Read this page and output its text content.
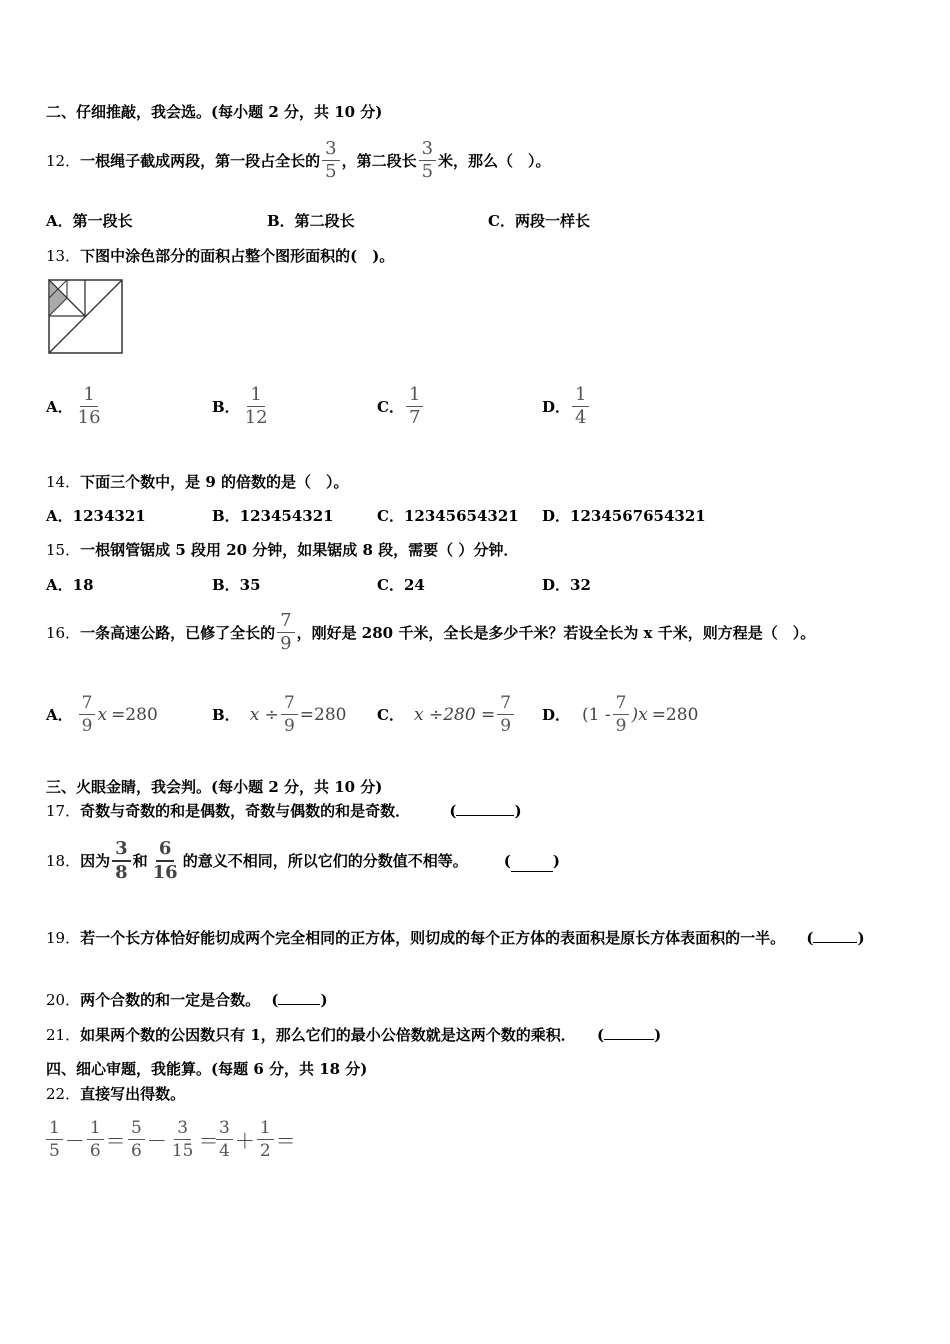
二、仔细推敲，我会选。(每小题 2 分，共 10 分)
12． 一根绳子截成两段，第一段占全长的 $\frac{3}{5}$ ，第二段长 $\frac{3}{5}$ 米，那么（　）。
A．第一段长	B．第二段长	C．两段一样长
13．下图中涂色部分的面积占整个图形面积的(　)。
A． $\frac{1}{16}$	B． $\frac{1}{12}$	C． $\frac{1}{7}$	D． $\frac{1}{4}$
14．下面三个数中，是 9 的倍数的是（　）。
A．1234321	B．123454321	C．12345654321 D．1234567654321
15．一根钢管锯成 5 段用 20 分钟，如果锯成 8 段，需要（ ）分钟．
A．18	B．35	C．24	D．32
16． 一条高速公路，已修了全长的 $\frac{7}{9}$ ，刚好是 280 千米，全长是多少千米？若设全长为 x 千米，则方程是（　）。
A． $\frac{7}{9}$ x =280	B． $x \div \frac{7}{9} =280$ C． $x \div 280 = \frac{7}{9}$ D． $(1 - \frac{7}{9} )x =280$
三、火眼金睛，我会判。(每小题 2 分，共 10 分)
17．奇数与奇数的和是偶数，奇数与偶数的和是奇数．	(	)
18． 因为 $\frac{3}{8}$ 和 $\frac{6}{16}$ 的意义不相同，所以它们的分数值不相等。 (	)
19．若一个长方体恰好能切成两个完全相同的正方体，则切成的每个正方体的表面积是原长方体表面积的一半。 (	)
20．两个合数的和一定是合数。 (	)
21．如果两个数的公因数只有 1，那么它们的最小公倍数就是这两个数的乘积． (	)
四、细心审题，我能算。(每题 6 分，共 18 分)
22．直接写出得数。
$\frac{1}{5} - \frac{1}{6} = \frac{5}{6} - \frac{3}{15}$ ＝
$\frac{3}{4} + \frac{1}{2}$ ＝
